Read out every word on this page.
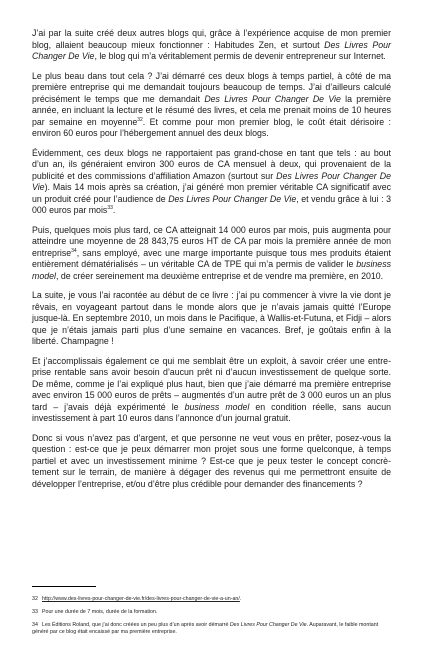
J’ai par la suite créé deux autres blogs qui, grâce à l’expérience acquise de mon premier blog, allaient beaucoup mieux fonctionner : Habitudes Zen, et surtout Des Livres Pour Changer De Vie, le blog qui m’a véritablement permis de devenir entrepreneur sur Internet.

Le plus beau dans tout cela ? J’ai démarré ces deux blogs à temps partiel, à côté de ma première entreprise qui me demandait toujours beaucoup de temps. J’ai d’ailleurs calculé précisément le temps que me demandait Des Livres Pour Changer De Vie la première année, en incluant la lecture et le résumé des livres, et cela me prenait moins de 10 heures par semaine en moyenne$^{32}$. Et comme pour mon premier blog, le coût était dérisoire : environ 60 euros pour l’hébergement annuel des deux blogs.

Évidemment, ces deux blogs ne rapportaient pas grand-chose en tant que tels : au bout d’un an, ils généraient environ 300 euros de CA mensuel à deux, qui provenaient de la publicité et des commissions d’affiliation Amazon (surtout sur Des Livres Pour Changer De Vie). Mais 14 mois après sa création, j’ai généré mon premier véritable CA significatif avec un produit créé pour l’audience de Des Livres Pour Changer De Vie, et vendu grâce à lui : 3 000 euros par mois$^{33}$.

Puis, quelques mois plus tard, ce CA atteignait 14 000 euros par mois, puis augmenta pour atteindre une moyenne de 28 843,75 euros HT de CA par mois la première année de mon entreprise$^{34}$, sans employé, avec une marge importante puisque tous mes produits étaient entièrement dématérialisés – un véritable CA de TPE qui m’a permis de valider le business model, de créer sereinement ma deuxième entreprise et de vendre ma première, en 2010.

La suite, je vous l’ai racontée au début de ce livre : j’ai pu commencer à vivre la vie dont je rêvais, en voyageant partout dans le monde alors que je n’avais jamais quitté l’Europe jusque-là. En septembre 2010, un mois dans le Pacifique, à Wallis-et-Futuna, et Fidji – alors que je n’étais jamais parti plus d’une semaine en vacances. Bref, je goûtais enfin à la liberté. Champagne !

Et j’accomplissais également ce qui me semblait être un exploit, à savoir créer une entreprise rentable sans avoir besoin d’aucun prêt ni d’aucun investissement de quelque sorte. De même, comme je l’ai expliqué plus haut, bien que j’aie démarré ma première entreprise avec environ 15 000 euros de prêts – augmentés d’un autre prêt de 3 000 euros un an plus tard – j’avais déjà expérimenté le business model en condition réelle, sans aucun investissement à part 10 euros dans l’annonce d’un journal gratuit.

Donc si vous n’avez pas d’argent, et que personne ne veut vous en prêter, posez-vous la question : est-ce que je peux démarrer mon projet sous une forme quelconque, à temps partiel et avec un investissement minime ? Est-ce que je peux tester le concept concrètement sur le terrain, de manière à dégager des revenus qui me permettront ensuite de développer l’entreprise, et/ou d’être plus crédible pour demander des financements ?

32 http://www.des-livres-pour-changer-de-vie.fr/des-livres-pour-changer-de-vie-a-un-an/.
33 Pour une durée de 7 mois, durée de la formation.
34 Les Éditions Roland, que j’ai donc créées un peu plus d’un après avoir démarré Des Livres Pour Changer De Vie. Auparavant, le faible montant généré par ce blog était encaissé par ma première entreprise.
